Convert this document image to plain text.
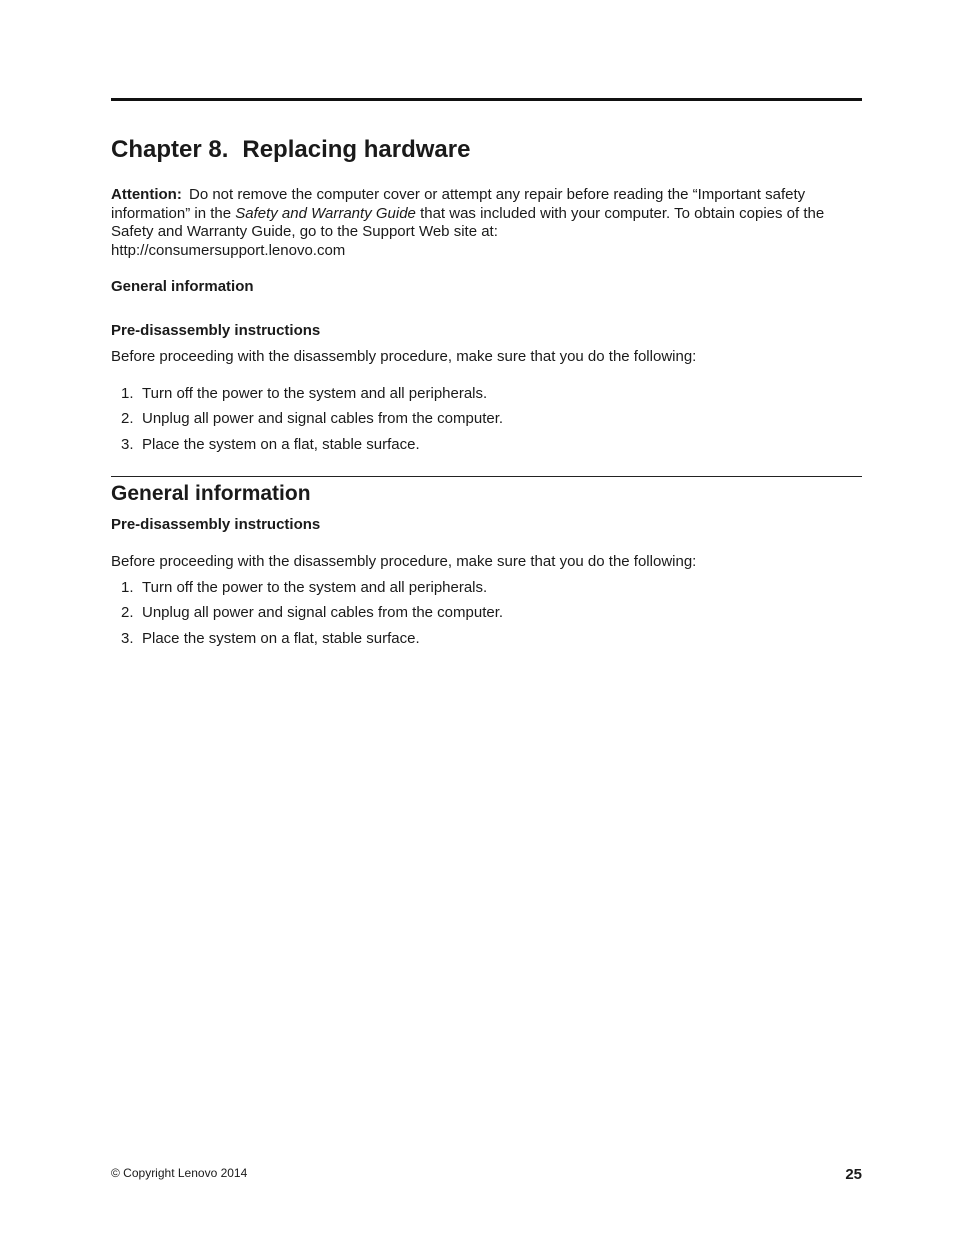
Chapter 8. Replacing hardware

Attention: Do not remove the computer cover or attempt any repair before reading the “Important safety information” in the Safety and Warranty Guide that was included with your computer. To obtain copies of the Safety and Warranty Guide, go to the Support Web site at:
http://consumersupport.lenovo.com

General information

Pre-disassembly instructions

Before proceeding with the disassembly procedure, make sure that you do the following:

1. Turn off the power to the system and all peripherals.
2. Unplug all power and signal cables from the computer.
3. Place the system on a flat, stable surface.
General information

Pre-disassembly instructions

Before proceeding with the disassembly procedure, make sure that you do the following:

1. Turn off the power to the system and all peripherals.
2. Unplug all power and signal cables from the computer.
3. Place the system on a flat, stable surface.
© Copyright Lenovo 2014	25
